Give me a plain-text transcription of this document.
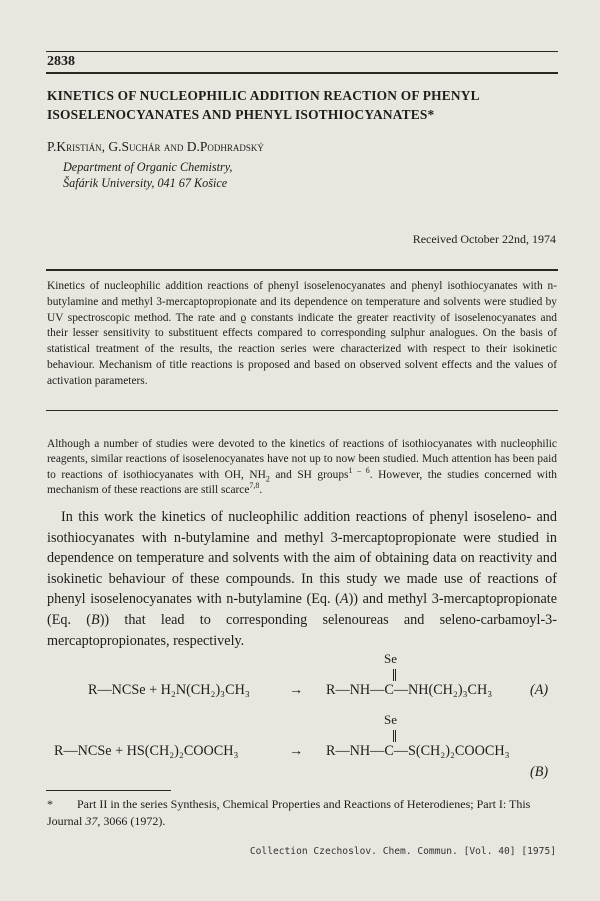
2838
KINETICS OF NUCLEOPHILIC ADDITION REACTION OF PHENYL ISOSELENOCYANATES AND PHENYL ISOTHIOCYANATES*
P.Kristián, G.Suchár and D.Podhradský
Department of Organic Chemistry,
Šafárik University, 041 67 Košice
Received October 22nd, 1974
Kinetics of nucleophilic addition reactions of phenyl isoselenocyanates and phenyl isothiocyanates with n-butylamine and methyl 3-mercaptopropionate and its dependence on temperature and solvents were studied by UV spectroscopic method. The rate and ϱ constants indicate the greater reactivity of isoselenocyanates and their lesser sensitivity to substituent effects compared to corresponding sulphur analogues. On the basis of statistical treatment of the results, the reaction series were characterized with respect to their isokinetic behaviour. Mechanism of title reactions is proposed and based on observed solvent effects and the values of activation parameters.
Although a number of studies were devoted to the kinetics of reactions of isothiocyanates with nucleophilic reagents, similar reactions of isoselenocyanates have not up to now been studied. Much attention has been paid to reactions of isothiocyanates with OH, $NH_2$ and SH groups$^{1 - 6}$. However, the studies concerned with mechanism of these reactions are still scarce$^{7,8}$.
In this work the kinetics of nucleophilic addition reactions of phenyl isoseleno- and isothiocyanates with n-butylamine and methyl 3-mercaptopropionate were studied in dependence on temperature and solvents with the aim of obtaining data on reactivity and isokinetic behaviour of these compounds. In this study we made use of reactions of phenyl isoselenocyanates with n-butylamine (Eq. (A)) and methyl 3-mercaptopropionate (Eq. (B)) that lead to corresponding selenoureas and seleno-carbamoyl-3-mercaptopropionates, respectively.
Se
R—NCSe + H₂N(CH₂)₃CH₃	→ R—NH—C—NH(CH₂)₃CH₃	(A)
Se
R—NCSe + HS(CH₂)₂COOCH₃	→ R—NH—C—S(CH₂)₂COOCH₃
(B)
* Part II in the series Synthesis, Chemical Properties and Reactions of Heterodienes; Part I: This Journal 37, 3066 (1972).
Collection Czechoslov. Chem. Commun. [Vol. 40] [1975]
